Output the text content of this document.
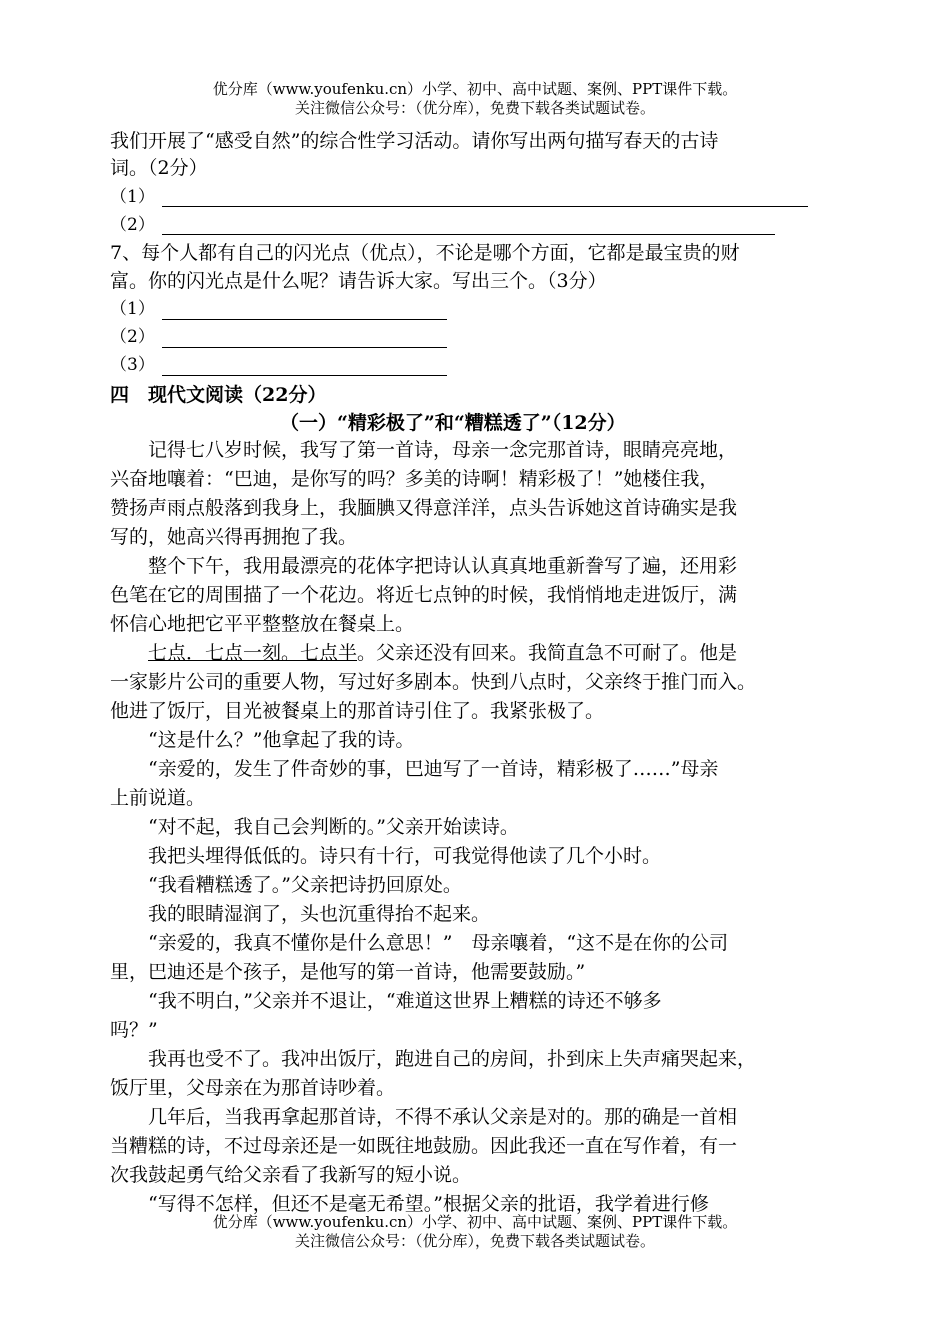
优分库（www.youfenku.cn）小学、初中、高中试题、案例、PPT课件下载。
关注微信公众号：（优分库），免费下载各类试题试卷。
我们开展了“感受自然”的综合性学习活动。请你写出两句描写春天的古诗
词。（2分）
（1）
（2）
7、每个人都有自己的闪光点（优点），不论是哪个方面，它都是最宝贵的财
富。你的闪光点是什么呢？请告诉大家。写出三个。（3分）
（1）
（2）
（3）
四　现代文阅读（22分）
（一）“精彩极了”和“糟糕透了”（12分）
　　记得七八岁时候，我写了第一首诗，母亲一念完那首诗，眼睛亮亮地，
兴奋地嚷着：“巴迪，是你写的吗？多美的诗啊！精彩极了！”她楼住我，
赞扬声雨点般落到我身上，我腼腆又得意洋洋，点头告诉她这首诗确实是我
写的，她高兴得再拥抱了我。
　　整个下午，我用最漂亮的花体字把诗认认真真地重新誊写了遍，还用彩
色笔在它的周围描了一个花边。将近七点钟的时候，我悄悄地走进饭厅，满
怀信心地把它平平整整放在餐桌上。
　　七点．七点一刻。七点半。父亲还没有回来。我简直急不可耐了。他是
一家影片公司的重要人物，写过好多剧本。快到八点时，父亲终于推门而入。
他进了饭厅，目光被餐桌上的那首诗引住了。我紧张极了。
　　“这是什么？”他拿起了我的诗。
　　“亲爱的，发生了件奇妙的事，巴迪写了一首诗，精彩极了……”母亲
上前说道。
　　“对不起，我自己会判断的。”父亲开始读诗。
　　我把头埋得低低的。诗只有十行，可我觉得他读了几个小时。
　　“我看糟糕透了。”父亲把诗扔回原处。
　　我的眼睛湿润了，头也沉重得抬不起来。
　　“亲爱的，我真不懂你是什么意思！”　母亲嚷着，“这不是在你的公司
里，巴迪还是个孩子，是他写的第一首诗，他需要鼓励。”
　　“我不明白，”父亲并不退让，“难道这世界上糟糕的诗还不够多
吗？”
　　我再也受不了。我冲出饭厅，跑进自己的房间，扑到床上失声痛哭起来，
饭厅里，父母亲在为那首诗吵着。
　　几年后，当我再拿起那首诗，不得不承认父亲是对的。那的确是一首相
当糟糕的诗，不过母亲还是一如既往地鼓励。因此我还一直在写作着，有一
次我鼓起勇气给父亲看了我新写的短小说。
　　“写得不怎样，但还不是毫无希望。”根据父亲的批语，我学着进行修
优分库（www.youfenku.cn）小学、初中、高中试题、案例、PPT课件下载。
关注微信公众号：（优分库），免费下载各类试题试卷。
